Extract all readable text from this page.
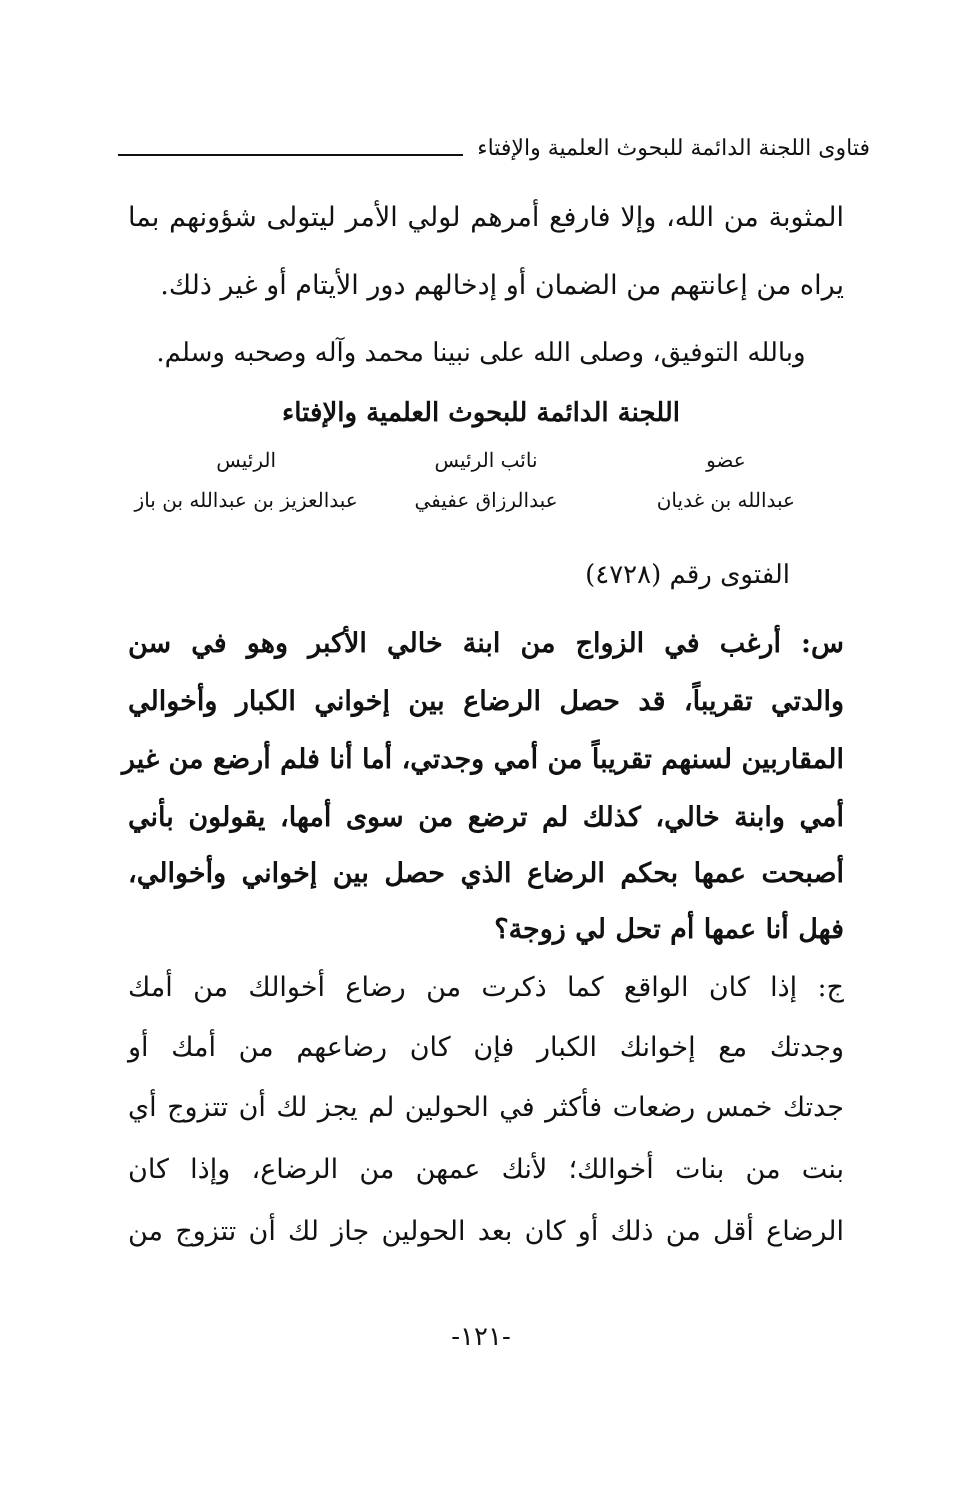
فتاوى اللجنة الدائمة للبحوث العلمية والإفتاء
المثوبة من الله، وإلا فارفع أمرهم لولي الأمر ليتولى شؤونهم بما
يراه من إعانتهم من الضمان أو إدخالهم دور الأيتام أو غير ذلك.
وبالله التوفيق، وصلى الله على نبينا محمد وآله وصحبه وسلم.
اللجنة الدائمة للبحوث العلمية والإفتاء
عضو
نائب الرئيس
الرئيس
عبدالله بن غديان
عبدالرزاق عفيفي
عبدالعزيز بن عبدالله بن باز
الفتوى رقم (٤٧٢٨)
س: أرغب في الزواج من ابنة خالي الأكبر وهو في سن
والدتي تقريباً، قد حصل الرضاع بين إخواني الكبار وأخوالي
المقاربين لسنهم تقريباً من أمي وجدتي، أما أنا فلم أرضع من غير
أمي وابنة خالي، كذلك لم ترضع من سوى أمها، يقولون بأني
أصبحت عمها بحكم الرضاع الذي حصل بين إخواني وأخوالي،
فهل أنا عمها أم تحل لي زوجة؟
ج: إذا كان الواقع كما ذكرت من رضاع أخوالك من أمك
وجدتك مع إخوانك الكبار فإن كان رضاعهم من أمك أو
جدتك خمس رضعات فأكثر في الحولين لم يجز لك أن تتزوج أي
بنت من بنات أخوالك؛ لأنك عمهن من الرضاع، وإذا كان
الرضاع أقل من ذلك أو كان بعد الحولين جاز لك أن تتزوج من
-١٢١-
